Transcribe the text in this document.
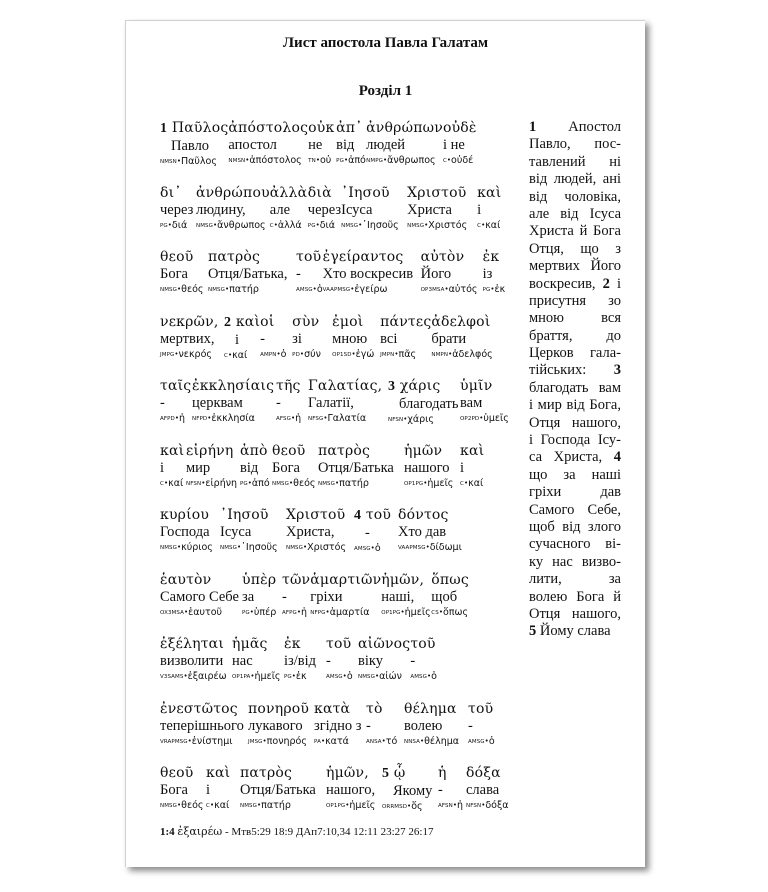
Лист апостола Павла Галатам
Розділ 1
1 Παῦλος
Павло
NMSN•Παῦλος
ἀπόστολος
апостол
NMSN•ἀπόστολος
οὐκ
не
TN•οὐ
ἀπ᾽
від
PG•ἀπό
ἀνθρώπων
людей
NMPG•ἄνθρωπος
οὐδὲ
і не
C•οὐδέ
δι᾽
через
PG•διά
ἀνθρώπου
людину,
NMSG•ἄνθρωπος
ἀλλὰ
але
C•ἀλλά
διὰ
через
PG•διά
᾿Ιησοῦ
Ісуса
NMSG•᾿Ιησοῦς
Χριστοῦ
Христа
NMSG•Χριστός
καὶ
і
C•καί
θεοῦ
Бога
NMSG•θεός
πατρὸς
Отця/Батька,
NMSG•πατήρ
τοῦ
-
AMSG•ὁ
ἐγείραντος
Хто воскресив
VAAPMSG•ἐγείρω
αὐτὸν
Його
OP3MSA•αὐτός
ἐκ
із
PG•ἐκ
νεκρῶν,
мертвих,
JMPG•νεκρός
2 καὶ
і
C•καί
οἱ
-
AMPN•ὁ
σὺν
зі
PD•σύν
ἐμοὶ
мною
OP1SD•ἐγώ
πάντες
всі
JMPN•πᾶς
ἀδελφοὶ
брати
NMPN•ἀδελφός
ταῖς
-
AFPD•ἡ
ἐκκλησίαις
церквам
NFPD•ἐκκλησία
τῆς
-
AFSG•ἡ
Γαλατίας,
Галатії,
NFSG•Γαλατία
3 χάρις
благодать
NFSN•χάρις
ὑμῖν
вам
OP2PD•ὑμεῖς
καὶ
і
C•καί
εἰρήνη
мир
NFSN•εἰρήνη
ἀπὸ
від
PG•ἀπό
θεοῦ
Бога
NMSG•θεός
πατρὸς
Отця/Батька
NMSG•πατήρ
ἡμῶν
нашого
OP1PG•ἡμεῖς
καὶ
і
C•καί
κυρίου
Господа
NMSG•κύριος
᾿Ιησοῦ
Ісуса
NMSG•᾿Ιησοῦς
Χριστοῦ
Христа,
NMSG•Χριστός
4 τοῦ
-
AMSG•ὁ
δόντος
Хто дав
VAAPMSG•δίδωμι
ἑαυτὸν
Самого Себе
OX3MSA•ἑαυτοῦ
ὑπὲρ
за
PG•ὑπέρ
τῶν
-
AFPG•ἡ
ἁμαρτιῶν
гріхи
NFPG•ἁμαρτία
ἡμῶν,
наші,
OP1PG•ἡμεῖς
ὅπως
щоб
CS•ὅπως
ἐξέληται
визволити
V3SAMS•ἐξαιρέω
ἡμᾶς
нас
OP1PA•ἡμεῖς
ἐκ
із/від
PG•ἐκ
τοῦ
-
AMSG•ὁ
αἰῶνος
віку
NMSG•αἰών
τοῦ
-
AMSG•ὁ
ἐνεστῶτος
теперішнього
VRAPMSG•ἐνίστημι
πονηροῦ
лукавого
JMSG•πονηρός
κατὰ
згідно з
PA•κατά
τὸ
-
ANSA•τό
θέλημα
волею
NNSA•θέλημα
τοῦ
-
AMSG•ὁ
θεοῦ
Бога
NMSG•θεός
καὶ
і
C•καί
πατρὸς
Отця/Батька
NMSG•πατήρ
ἡμῶν,
нашого,
OP1PG•ἡμεῖς
5 ᾧ
Якому
ORRMSD•ὅς
ἡ
-
AFSN•ἡ
δόξα
слава
NFSN•δόξα
1 Апостол
Павло, пос-
тавлений ні
від людей, ані
від чоловіка,
але від Ісуса
Христа й Бога
Отця, що з
мертвих Його
воскресив, 2 і
присутня зо
мною вся
браття, до
Церков гала-
тійських: 3
благодать вам
і мир від Бога,
Отця нашого,
і Господа Ісу-
са Христа, 4
що за наші
гріхи дав
Самого Себе,
щоб від злого
сучасного ві-
ку нас визво-
лити, за
волею Бога й
Отця нашого,
5 Йому слава
1:4 ἐξαιρέω - Мтв5:29 18:9 ДАп7:10,34 12:11 23:27 26:17
